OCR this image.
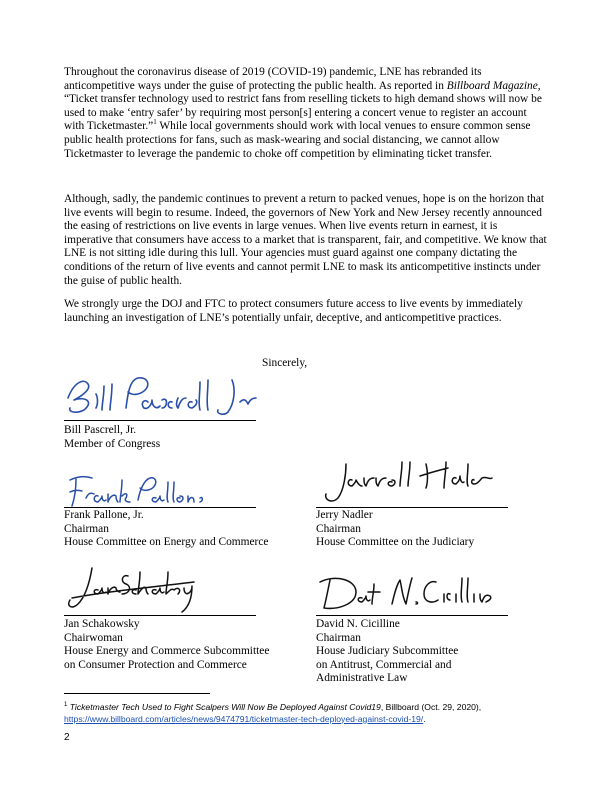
Throughout the coronavirus disease of 2019 (COVID-19) pandemic, LNE has rebranded its anticompetitive ways under the guise of protecting the public health. As reported in Billboard Magazine, “Ticket transfer technology used to restrict fans from reselling tickets to high demand shows will now be used to make ‘entry safer’ by requiring most person[s] entering a concert venue to register an account with Ticketmaster.”$^1$ While local governments should work with local venues to ensure common sense public health protections for fans, such as mask-wearing and social distancing, we cannot allow Ticketmaster to leverage the pandemic to choke off competition by eliminating ticket transfer.

Although, sadly, the pandemic continues to prevent a return to packed venues, hope is on the horizon that live events will begin to resume. Indeed, the governors of New York and New Jersey recently announced the easing of restrictions on live events in large venues. When live events return in earnest, it is imperative that consumers have access to a market that is transparent, fair, and competitive. We know that LNE is not sitting idle during this lull. Your agencies must guard against one company dictating the conditions of the return of live events and cannot permit LNE to mask its anticompetitive instincts under the guise of public health.

We strongly urge the DOJ and FTC to protect consumers future access to live events by immediately launching an investigation of LNE’s potentially unfair, deceptive, and anticompetitive practices.

Sincerely,
Bill Pascrell, Jr.
Member of Congress
Frank Pallone, Jr.
Chairman
House Committee on Energy and Commerce
Jerry Nadler
Chairman
House Committee on the Judiciary
Jan Schakowsky
Chairwoman
House Energy and Commerce Subcommittee
on Consumer Protection and Commerce
David N. Cicilline
Chairman
House Judiciary Subcommittee
on Antitrust, Commercial and
Administrative Law
$^1$ Ticketmaster Tech Used to Fight Scalpers Will Now Be Deployed Against Covid19, Billboard (Oct. 29, 2020),
https://www.billboard.com/articles/news/9474791/ticketmaster-tech-deployed-against-covid-19/.
2
